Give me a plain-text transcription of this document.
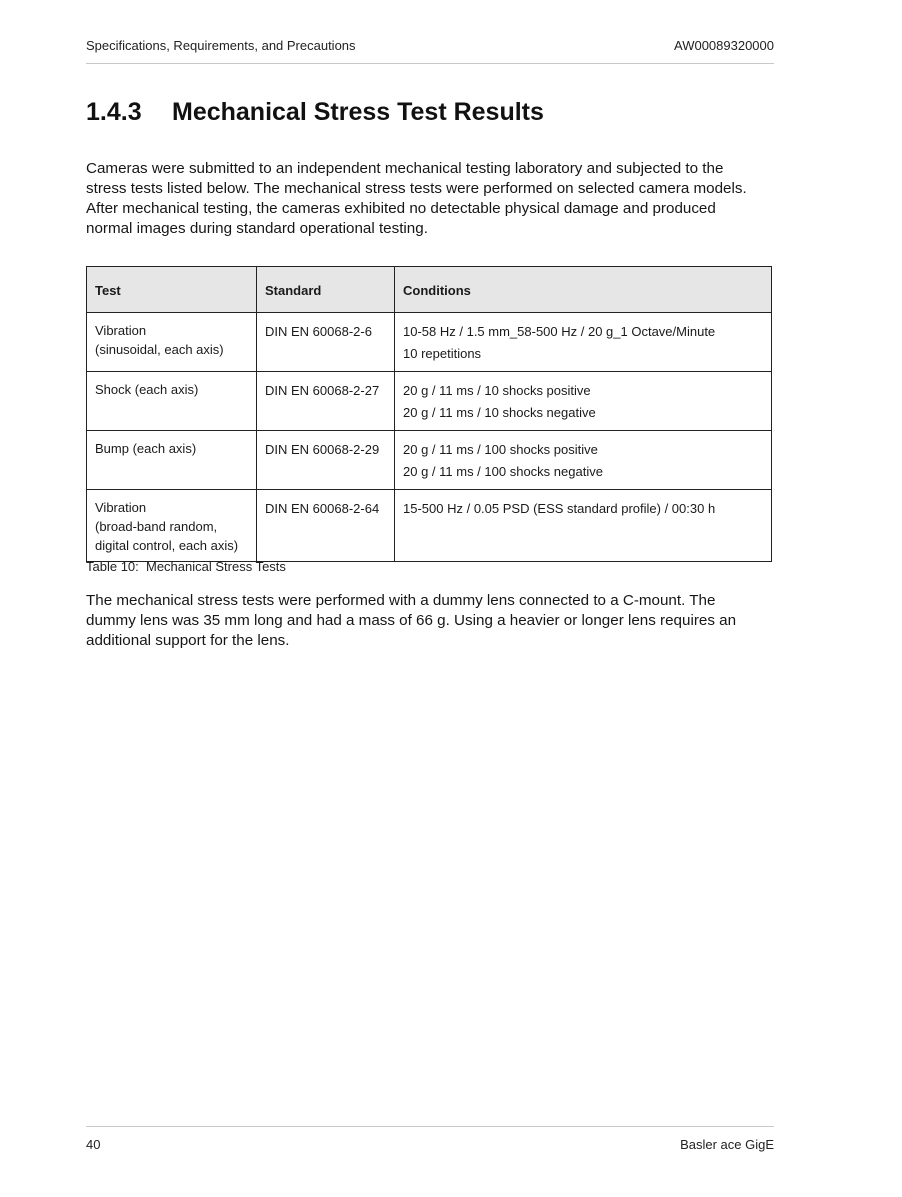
Specifications, Requirements, and Precautions	AW00089320000
1.4.3 Mechanical Stress Test Results
Cameras were submitted to an independent mechanical testing laboratory and subjected to the
stress tests listed below. The mechanical stress tests were performed on selected camera models.
After mechanical testing, the cameras exhibited no detectable physical damage and produced
normal images during standard operational testing.
Test	Standard	Conditions

Vibration
(sinusoidal, each axis)	DIN EN 60068-2-6	10-58 Hz / 1.5 mm_58-500 Hz / 20 g_1 Octave/Minute
10 repetitions

Shock (each axis)	DIN EN 60068-2-27	20 g / 11 ms / 10 shocks positive
20 g / 11 ms / 10 shocks negative

Bump (each axis)	DIN EN 60068-2-29	20 g / 11 ms / 100 shocks positive
20 g / 11 ms / 100 shocks negative

Vibration
(broad-band random,
digital control, each axis)	DIN EN 60068-2-64	15-500 Hz / 0.05 PSD (ESS standard profile) / 00:30 h
Table 10:  Mechanical Stress Tests
The mechanical stress tests were performed with a dummy lens connected to a C-mount. The
dummy lens was 35 mm long and had a mass of 66 g. Using a heavier or longer lens requires an
additional support for the lens.
40	Basler ace GigE
